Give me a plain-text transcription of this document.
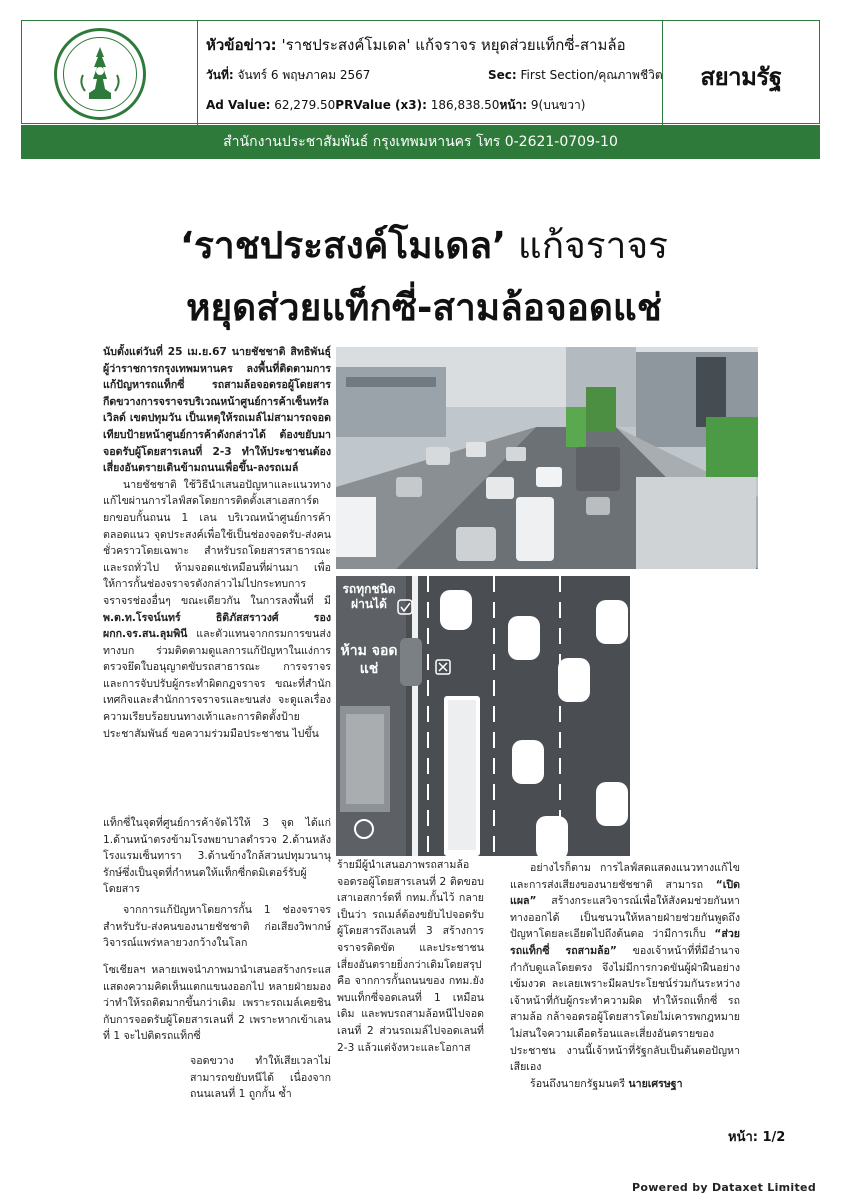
หัวข้อข่าว: 'ราชประสงค์โมเดล' แก้จราจร หยุดส่วยแท็กซี่-สามล้อ
วันที่: จันทร์ 6 พฤษภาคม 2567	Sec: First Section/คุณภาพชีวิต
Ad Value: 62,279.50PRValue (x3): 186,838.50หน้า: 9(บนขวา)
สยามรัฐ
สำนักงานประชาสัมพันธ์ กรุงเทพมหานคร โทร 0-2621-0709-10
‘ราชประสงค์โมเดล’ แก้จราจร
หยุดส่วยแท็กซี่-สามล้อจอดแช่

นับตั้งแต่วันที่ 25 เม.ย.67 นายชัชชาติ สิทธิพันธุ์ ผู้ว่าราชการกรุงเทพมหานคร ลงพื้นที่ติดตามการแก้ปัญหารถแท็กซี่ รถสามล้อจอดรอผู้โดยสารกีดขวางการจราจรบริเวณหน้าศูนย์การค้าเซ็นทรัลเวิลด์ เขตปทุมวัน เป็นเหตุให้รถเมล์ไม่สามารถจอดเทียบป้ายหน้าศูนย์การค้าดังกล่าวได้ ต้องขยับมาจอดรับผู้โดยสารเลนที่ 2-3 ทำให้ประชาชนต้องเสี่ยงอันตรายเดินข้ามถนนเพื่อขึ้น-ลงรถเมล์

นายชัชชาติ ใช้วิธีนำเสนอปัญหาและแนวทางแก้ไขผ่านการไลฟ์สดโดยการติดตั้งเสาเอสการ์ด ยกขอบกั้นถนน 1 เลน บริเวณหน้าศูนย์การค้าตลอดแนว จุดประสงค์เพื่อใช้เป็นช่องจอดรับ-ส่งคนชั่วคราวโดยเฉพาะ สำหรับรถโดยสารสาธารณะและรถทั่วไป ห้ามจอดแช่เหมือนที่ผ่านมา เพื่อให้การกั้นช่องจราจรดังกล่าวไม่ไปกระทบการจราจรช่องอื่นๆ ขณะเดียวกัน ในการลงพื้นที่ มี พ.ต.ท.โรจน์นทร์ ธิติภัสสราวงศ์ รอง ผกก.จร.สน.ลุมพินี และตัวแทนจากกรมการขนส่งทางบก ร่วมติดตามดูแลการแก้ปัญหาในแง่การตรวจยึดใบอนุญาตขับรถสาธารณะ การจราจร และการจับปรับผู้กระทำผิดกฎจราจร ขณะที่สำนักเทศกิจและสำนักการจราจรและขนส่ง จะดูแลเรื่องความเรียบร้อยบนทางเท้าและการติดตั้งป้ายประชาสัมพันธ์ ขอความร่วมมือประชาชน ไปขึ้น

แท็กซี่ในจุดที่ศูนย์การค้าจัดไว้ให้ 3 จุด ได้แก่ 1.ด้านหน้าตรงข้ามโรงพยาบาลตำรวจ 2.ด้านหลังโรงแรมเซ็นทารา 3.ด้านข้างใกล้สวนปทุมวนานุรักษ์ซึ่งเป็นจุดที่กำหนดให้แท็กซี่กดมิเตอร์รับผู้โดยสาร

จากการแก้ปัญหาโดยการกั้น 1 ช่องจราจรสำหรับรับ-ส่งคนของนายชัชชาติ ก่อเสียงวิพากษ์วิจารณ์แพร่หลายวงกว้างในโลก

โซเชียลฯ หลายเพจนำภาพมานำเสนอสร้างกระแสแสดงความคิดเห็นแตกแขนงออกไป หลายฝ่ายมองว่าทำให้รถติดมากขึ้นกว่าเดิม เพราะรถเมล์เคยชินกับการจอดรับผู้โดยสารเลนที่ 2 เพราะหากเข้าเลนที่ 1 จะไปติดรถแท็กซี่

จอดขวาง ทำให้เสียเวลาไม่สามารถขยับหนีได้ เนื่องจากถนนเลนที่ 1 ถูกกั้น ซ้ำ

รถทุกชนิด ผ่านได้
ห้าม จอดแช่

ร้ายมีผู้นำเสนอภาพรถสามล้อจอดรอผู้โดยสารเลนที่ 2 ติดขอบเสาเอสการ์ดที่ กทม.กั้นไว้ กลายเป็นว่า รถเมล์ต้องขยับไปจอดรับผู้โดยสารถึงเลนที่ 3 สร้างการจราจรติดขัด และประชาชนเสี่ยงอันตรายยิ่งกว่าเดิมโดยสรุปคือ จากการกั้นถนนของ กทม.ยังพบแท็กซี่จอดเลนที่ 1 เหมือนเดิม และพบรถสามล้อหนีไปจอดเลนที่ 2 ส่วนรถเมล์ไปจอดเลนที่ 2-3 แล้วแต่จังหวะและโอกาส

อย่างไรก็ตาม การไลฟ์สดแสดงแนวทางแก้ไขและการส่งเสียงของนายชัชชาติ สามารถ “เปิดแผล” สร้างกระแสวิจารณ์เพื่อให้สังคมช่วยกันหาทางออกได้ เป็นชนวนให้หลายฝ่ายช่วยกันพูดถึงปัญหาโดยละเอียดไปถึงต้นตอ ว่ามีการเก็บ “ส่วยรถแท็กซี่ รถสามล้อ” ของเจ้าหน้าที่ที่มีอำนาจกำกับดูแลโดยตรง จึงไม่มีการกวดขันผู้ฝ่าฝืนอย่างเข้มงวด ละเลยเพราะมีผลประโยชน์ร่วมกันระหว่างเจ้าหน้าที่กับผู้กระทำความผิด ทำให้รถแท็กซี่ รถสามล้อ กล้าจอดรอผู้โดยสารโดยไม่เคารพกฎหมายไม่สนใจความเดือดร้อนและเสี่ยงอันตรายของประชาชน งานนี้เจ้าหน้าที่รัฐกลับเป็นต้นตอปัญหาเสียเอง

ร้อนถึงนายกรัฐมนตรี นายเศรษฐา

หน้า: 1/2
Powered by Dataxet Limited
